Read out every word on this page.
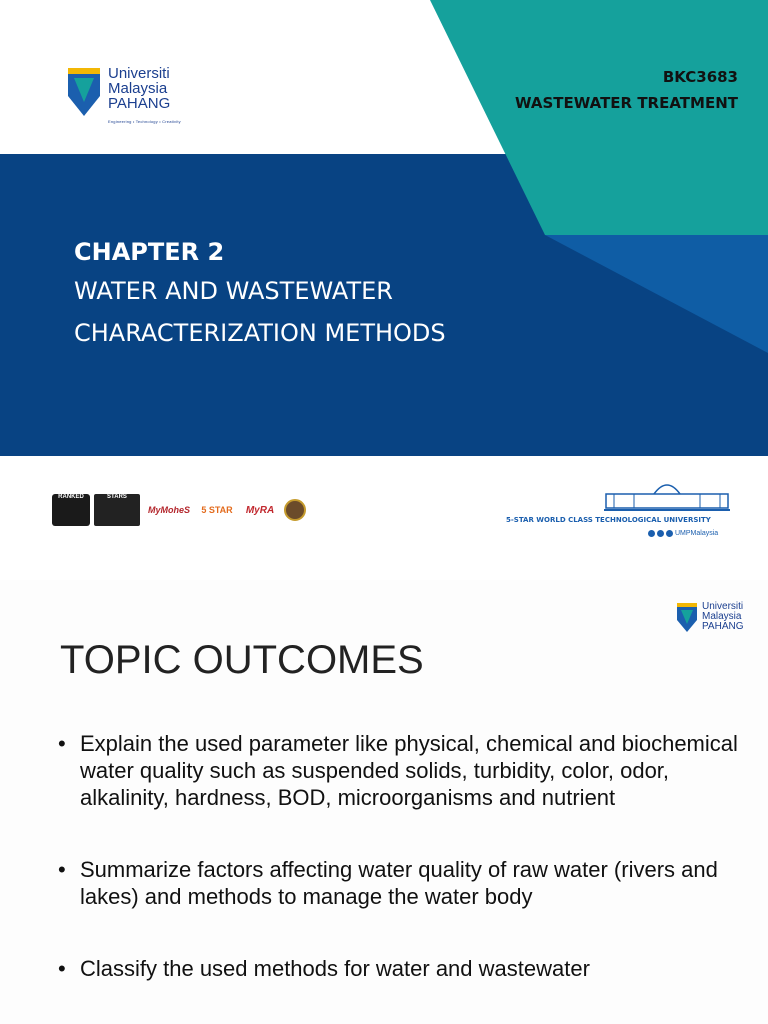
Universiti
Malaysia
PAHANG
Engineering • Technology • Creativity
BKC3683
WASTEWATER TREATMENT
CHAPTER 2
WATER AND WASTEWATER
CHARACTERIZATION METHODS
RANKED	STARS
MyMoheS	5 STAR	MyRA
5-STAR WORLD CLASS TECHNOLOGICAL UNIVERSITY
UMPMalaysia
Universiti
Malaysia
PAHANG
TOPIC OUTCOMES
• Explain the used parameter like physical, chemical and biochemical water quality such as suspended solids, turbidity, color, odor, alkalinity, hardness, BOD, microorganisms and nutrient
• Summarize factors affecting water quality of raw water (rivers and lakes) and methods to manage the water body
• Classify the used methods for water and wastewater
